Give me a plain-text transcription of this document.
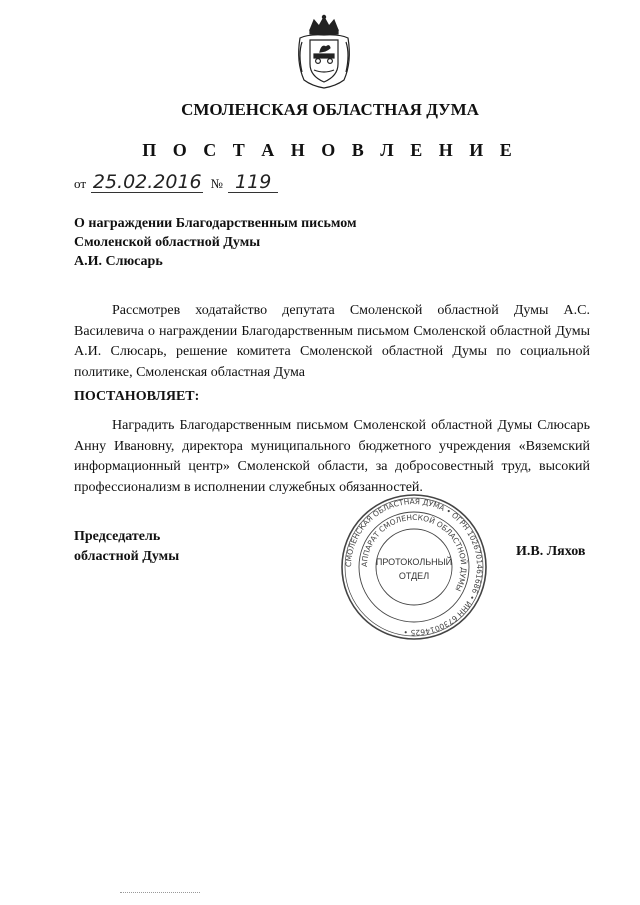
СМОЛЕНСКАЯ ОБЛАСТНАЯ ДУМА
П О С Т А Н О В Л Е Н И Е
от 25.02.2016 № 119
О награждении Благодарственным письмом
Смоленской областной Думы
А.И. Слюсарь

Рассмотрев ходатайство депутата Смоленской областной Думы А.С. Василевича о награждении Благодарственным письмом Смоленской областной Думы А.И. Слюсарь, решение комитета Смоленской областной Думы по социальной политике, Смоленская областная Дума

ПОСТАНОВЛЯЕТ:

Наградить Благодарственным письмом Смоленской областной Думы Слюсарь Анну Ивановну, директора муниципального бюджетного учреждения «Вяземский информационный центр» Смоленской области, за добросовестный труд, высокий профессионализм в исполнении служебных обязанностей.

Председатель
областной Думы
СМОЛЕНСКАЯ ОБЛАСТНАЯ ДУМА • ОГРН 1026701461686 • ИНН 6730014625 •
АППАРАТ СМОЛЕНСКОЙ ОБЛАСТНОЙ ДУМЫ
ПРОТОКОЛЬНЫЙ
ОТДЕЛ
И.В. Ляхов
